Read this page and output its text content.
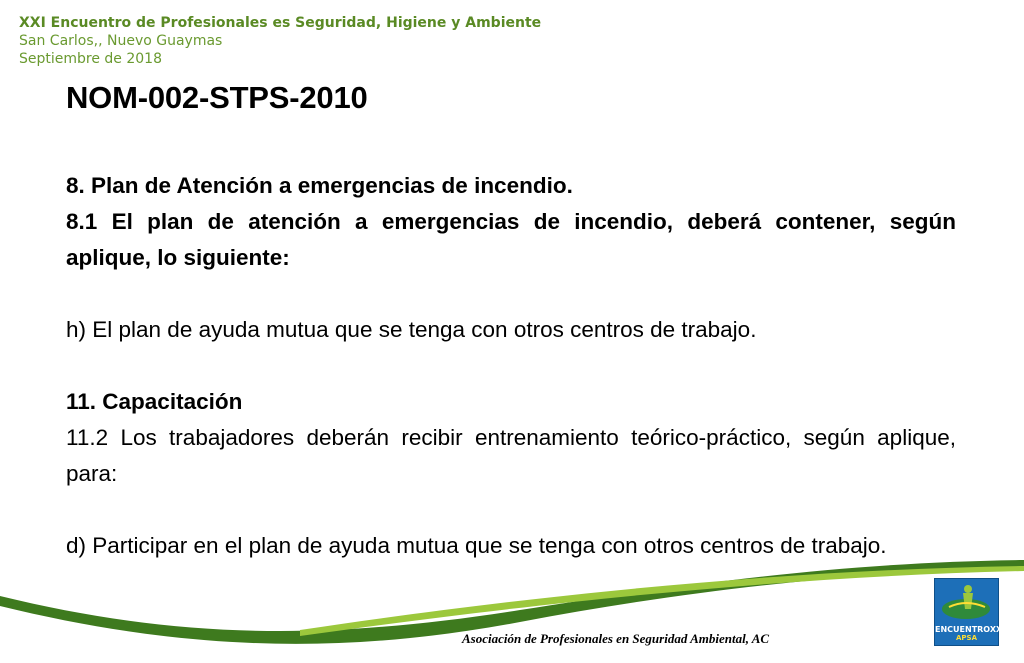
XXI Encuentro de Profesionales es Seguridad, Higiene y Ambiente
San Carlos,, Nuevo Guaymas
Septiembre de 2018
NOM-002-STPS-2010

8. Plan de Atención a emergencias de incendio.

8.1 El plan de atención a emergencias de incendio, deberá contener, según aplique, lo siguiente:

h) El plan de ayuda mutua que se tenga con otros centros de trabajo.

11. Capacitación

11.2 Los trabajadores deberán recibir entrenamiento teórico-práctico, según aplique, para:

d) Participar en el plan de ayuda mutua que se tenga con otros centros de trabajo.

Asociación de Profesionales en Seguridad Ambiental, AC
ENCUENTROXXI
APSA
